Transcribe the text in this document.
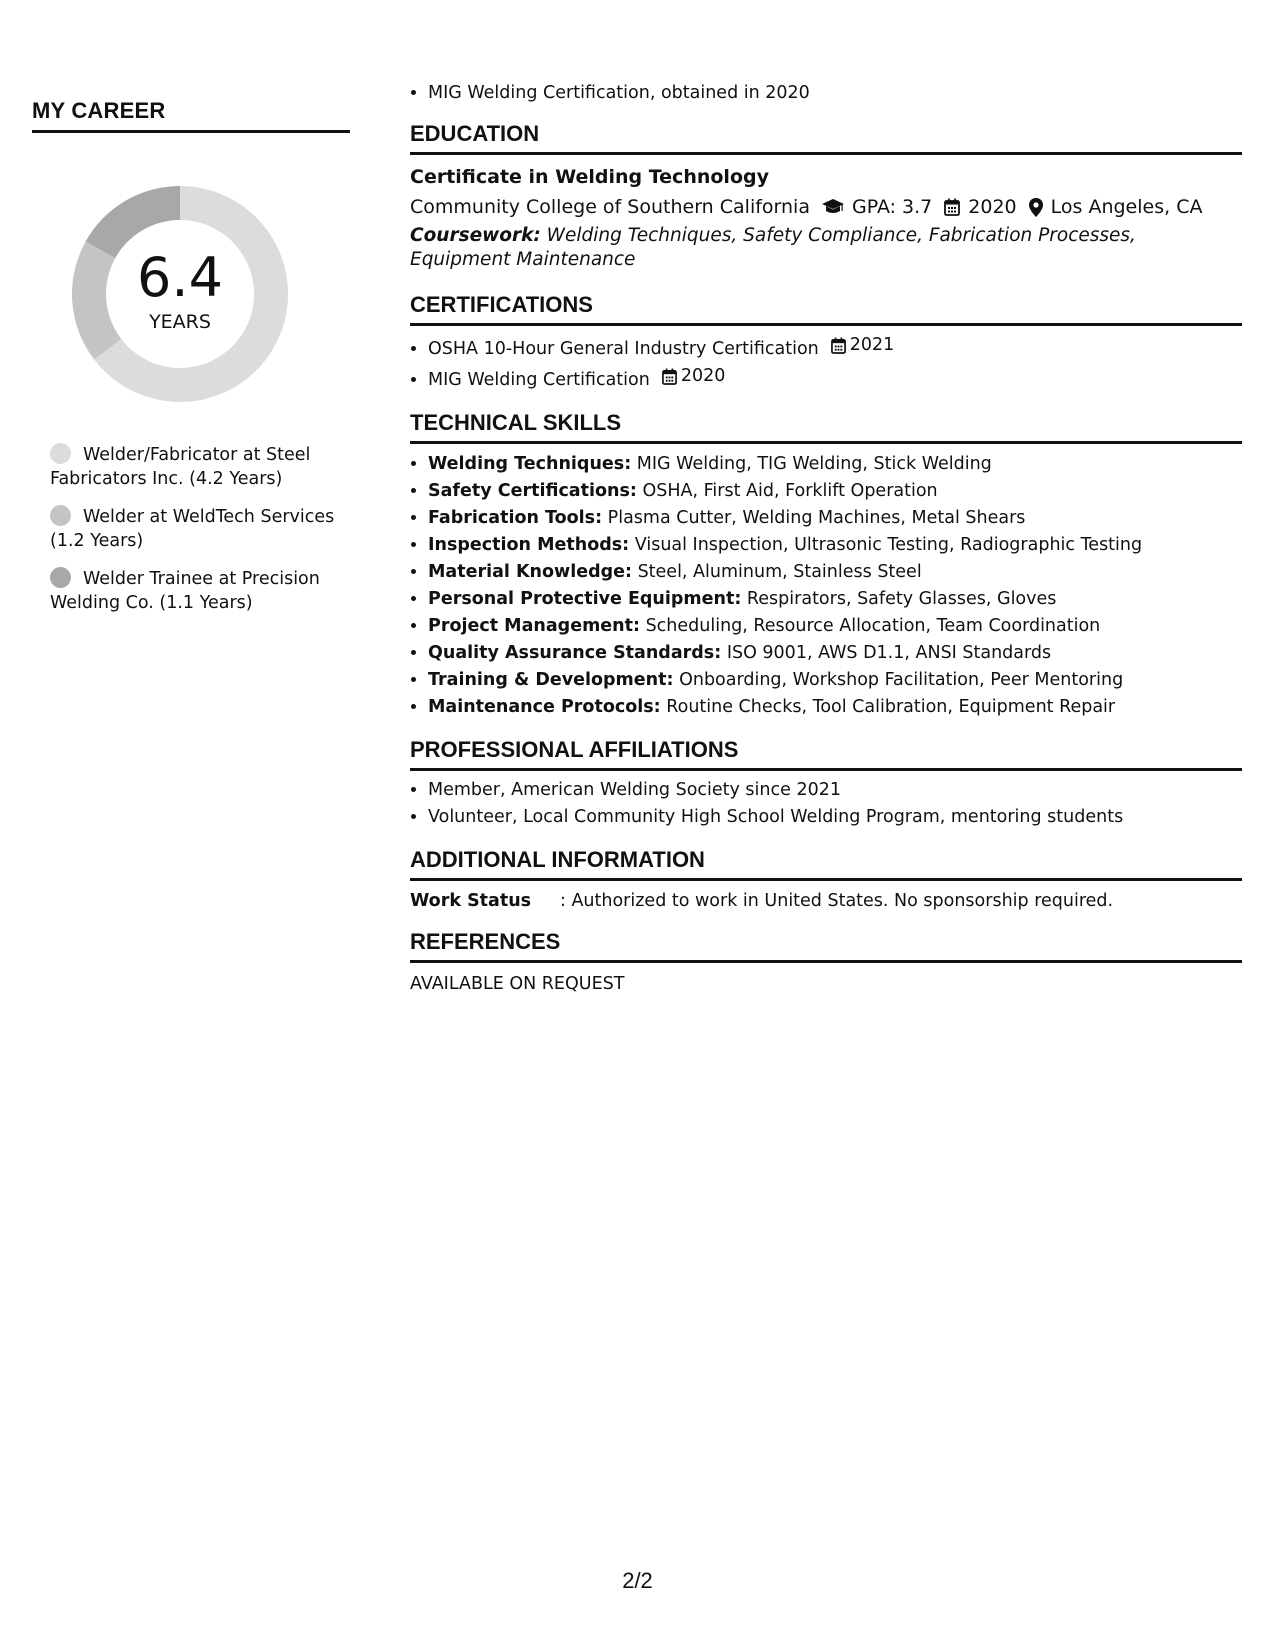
MY CAREER
6.4
YEARS
Welder/Fabricator at Steel Fabricators Inc. (4.2 Years)
Welder at WeldTech Services (1.2 Years)
Welder Trainee at Precision Welding Co. (1.1 Years)
• MIG Welding Certification, obtained in 2020
EDUCATION
Certificate in Welding Technology
Community College of Southern California GPA: 3.7 2020 Los Angeles, CA
Coursework: Welding Techniques, Safety Compliance, Fabrication Processes, Equipment Maintenance
CERTIFICATIONS
• OSHA 10-Hour General Industry Certification 2021
• MIG Welding Certification 2020
TECHNICAL SKILLS
• Welding Techniques: MIG Welding, TIG Welding, Stick Welding
• Safety Certifications: OSHA, First Aid, Forklift Operation
• Fabrication Tools: Plasma Cutter, Welding Machines, Metal Shears
• Inspection Methods: Visual Inspection, Ultrasonic Testing, Radiographic Testing
• Material Knowledge: Steel, Aluminum, Stainless Steel
• Personal Protective Equipment: Respirators, Safety Glasses, Gloves
• Project Management: Scheduling, Resource Allocation, Team Coordination
• Quality Assurance Standards: ISO 9001, AWS D1.1, ANSI Standards
• Training & Development: Onboarding, Workshop Facilitation, Peer Mentoring
• Maintenance Protocols: Routine Checks, Tool Calibration, Equipment Repair
PROFESSIONAL AFFILIATIONS
• Member, American Welding Society since 2021
• Volunteer, Local Community High School Welding Program, mentoring students
ADDITIONAL INFORMATION
Work Status	: Authorized to work in United States. No sponsorship required.
REFERENCES
AVAILABLE ON REQUEST
2/2
